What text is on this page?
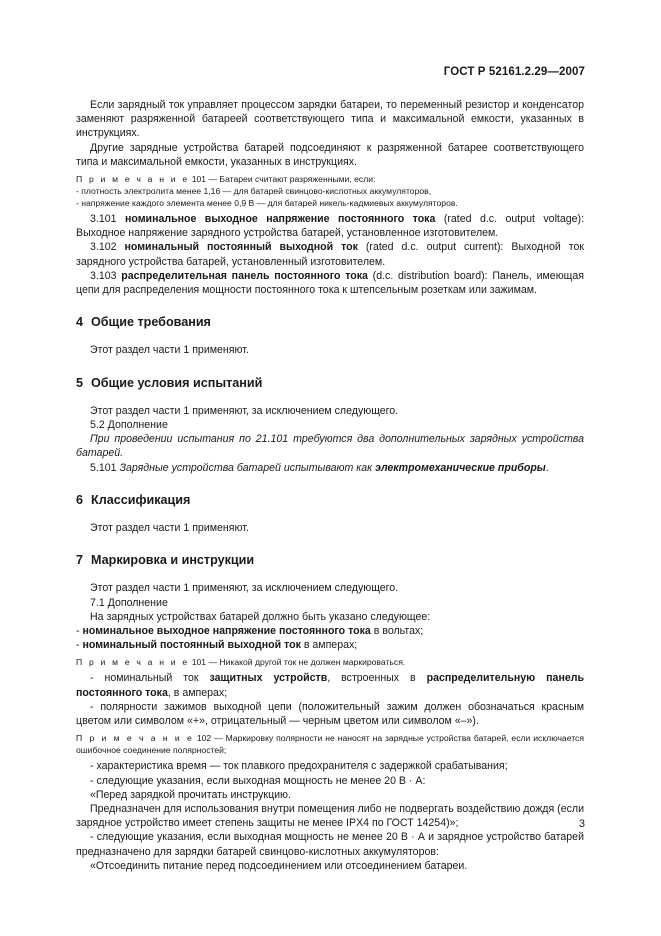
ГОСТ Р 52161.2.29—2007

Если зарядный ток управляет процессом зарядки батареи, то переменный резистор и конденсатор заменяют разряженной батареей соответствующего типа и максимальной емкости, указанных в инструкциях.

Другие зарядные устройства батарей подсоединяют к разряженной батарее соответствующего типа и максимальной емкости, указанных в инструкциях.

П р и м е ч а н и е 101 — Батареи считают разряженными, если:
- плотность электролита менее 1,16 — для батарей свинцово-кислотных аккумуляторов,
- напряжение каждого элемента менее 0,9 В — для батарей никель-кадмиевых аккумуляторов.

3.101 номинальное выходное напряжение постоянного тока (rated d.c. output voltage): Выходное напряжение зарядного устройства батарей, установленное изготовителем.

3.102 номинальный постоянный выходной ток (rated d.c. output current): Выходной ток зарядного устройства батарей, установленный изготовителем.

3.103 распределительная панель постоянного тока (d.c. distribution board): Панель, имеющая цепи для распределения мощности постоянного тока к штепсельным розеткам или зажимам.

4 Общие требования

Этот раздел части 1 применяют.

5 Общие условия испытаний

Этот раздел части 1 применяют, за исключением следующего.

5.2 Дополнение

При проведении испытания по 21.101 требуются два дополнительных зарядных устройства батарей.

5.101 Зарядные устройства батарей испытывают как электромеханические приборы.

6 Классификация

Этот раздел части 1 применяют.

7 Маркировка и инструкции

Этот раздел части 1 применяют, за исключением следующего.

7.1 Дополнение

На зарядных устройствах батарей должно быть указано следующее:

- номинальное выходное напряжение постоянного тока в вольтах;

- номинальный постоянный выходной ток в амперах;

П р и м е ч а н и е 101 — Никакой другой ток не должен маркироваться.

- номинальный ток защитных устройств, встроенных в распределительную панель постоянного тока, в амперах;

- полярности зажимов выходной цепи (положительный зажим должен обозначаться красным цветом или символом «+», отрицательный — черным цветом или символом «–»).

П р и м е ч а н и е 102 — Маркировку полярности не наносят на зарядные устройства батарей, если исключается ошибочное соединение полярностей;

- характеристика время — ток плавкого предохранителя с задержкой срабатывания;

- следующие указания, если выходная мощность не менее 20 В · А:

«Перед зарядкой прочитать инструкцию.

Предназначен для использования внутри помещения либо не подвергать воздействию дождя (если зарядное устройство имеет степень защиты не менее IPX4 по ГОСТ 14254)»;

- следующие указания, если выходная мощность не менее 20 В · А и зарядное устройство батарей предназначено для зарядки батарей свинцово-кислотных аккумуляторов:

«Отсоединить питание перед подсоединением или отсоединением батареи.

3
